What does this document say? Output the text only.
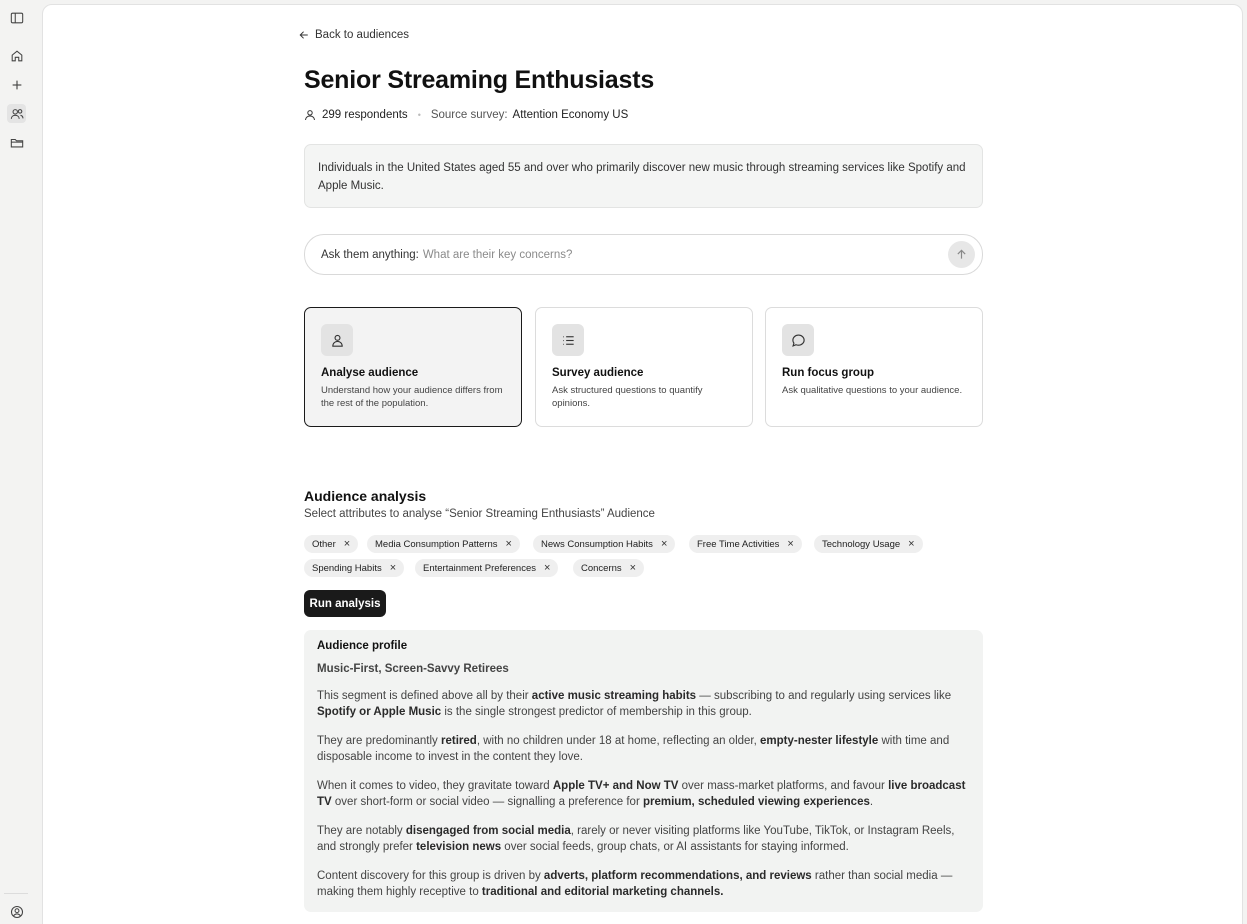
Back to audiences
Senior Streaming Enthusiasts
299 respondents • Source survey: Attention Economy US
Individuals in the United States aged 55 and over who primarily discover new music through streaming services like Spotify and Apple Music.
Ask them anything:
What are their key concerns?
Analyse audience
Understand how your audience differs from the rest of the population.
Survey audience
Ask structured questions to quantify opinions.
Run focus group
Ask qualitative questions to your audience.
Audience analysis
Select attributes to analyse “Senior Streaming Enthusiasts” Audience
Other ×	Media Consumption Patterns ×	News Consumption Habits ×	Free Time Activities ×	Technology Usage ×
Spending Habits ×	Entertainment Preferences ×	Concerns ×
Run analysis
Audience profile
Music-First, Screen-Savvy Retirees

This segment is defined above all by their active music streaming habits — subscribing to and regularly using services like Spotify or Apple Music is the single strongest predictor of membership in this group.

They are predominantly retired, with no children under 18 at home, reflecting an older, empty-nester lifestyle with time and disposable income to invest in the content they love.

When it comes to video, they gravitate toward Apple TV+ and Now TV over mass-market platforms, and favour live broadcast TV over short-form or social video — signalling a preference for premium, scheduled viewing experiences.

They are notably disengaged from social media, rarely or never visiting platforms like YouTube, TikTok, or Instagram Reels, and strongly prefer television news over social feeds, group chats, or AI assistants for staying informed.

Content discovery for this group is driven by adverts, platform recommendations, and reviews rather than social media — making them highly receptive to traditional and editorial marketing channels.
